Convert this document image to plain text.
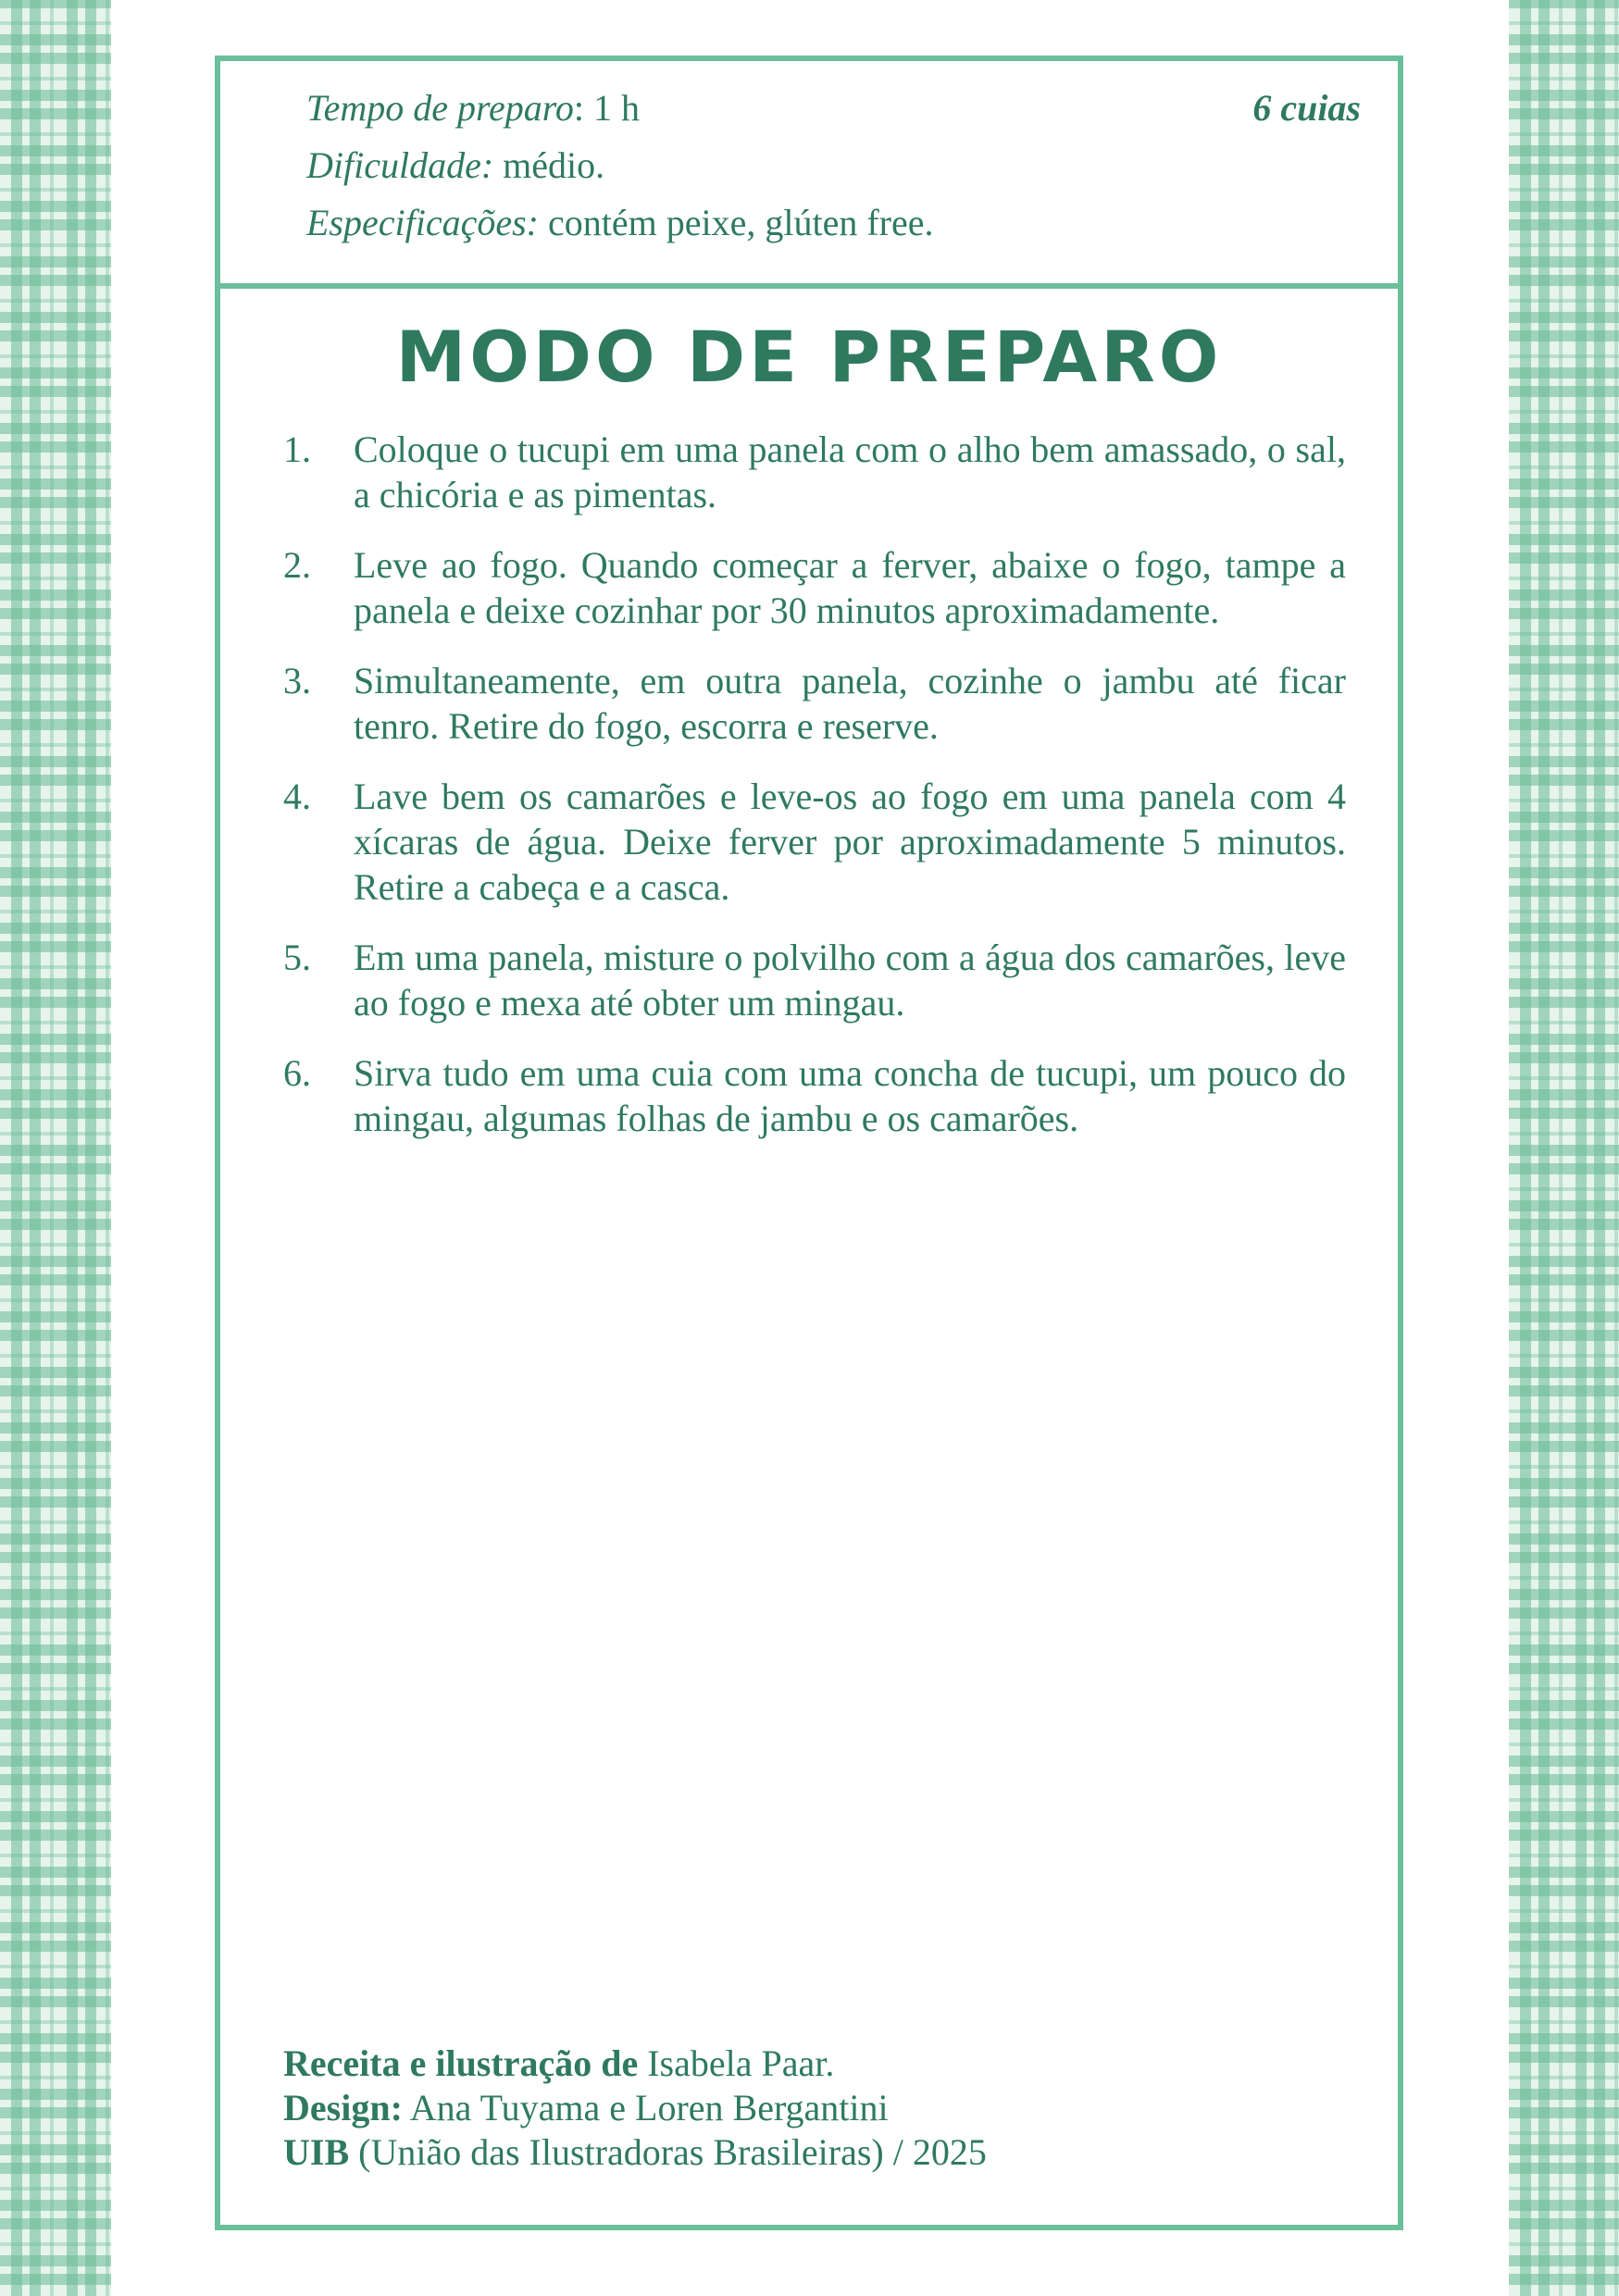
Tempo de preparo: 1 h
Dificuldade: médio.
Especificações: contém peixe, glúten free.
6 cuias
MODO DE PREPARO
1. Coloque o tucupi em uma panela com o alho bem amassado, o sal, a chicória e as pimentas.
2. Leve ao fogo. Quando começar a ferver, abaixe o fogo, tampe a panela e deixe cozinhar por 30 minutos aproximadamente.
3. Simultaneamente, em outra panela, cozinhe o jambu até ficar tenro. Retire do fogo, escorra e reserve.
4. Lave bem os camarões e leve-os ao fogo em uma panela com 4 xícaras de água. Deixe ferver por aproximadamente 5 minutos. Retire a cabeça e a casca.
5. Em uma panela, misture o polvilho com a água dos camarões, leve ao fogo e mexa até obter um mingau.
6. Sirva tudo em uma cuia com uma concha de tucupi, um pouco do mingau, algumas folhas de jambu e os camarões.
Receita e ilustração de Isabela Paar.
Design: Ana Tuyama e Loren Bergantini
UIB (União das Ilustradoras Brasileiras) / 2025
